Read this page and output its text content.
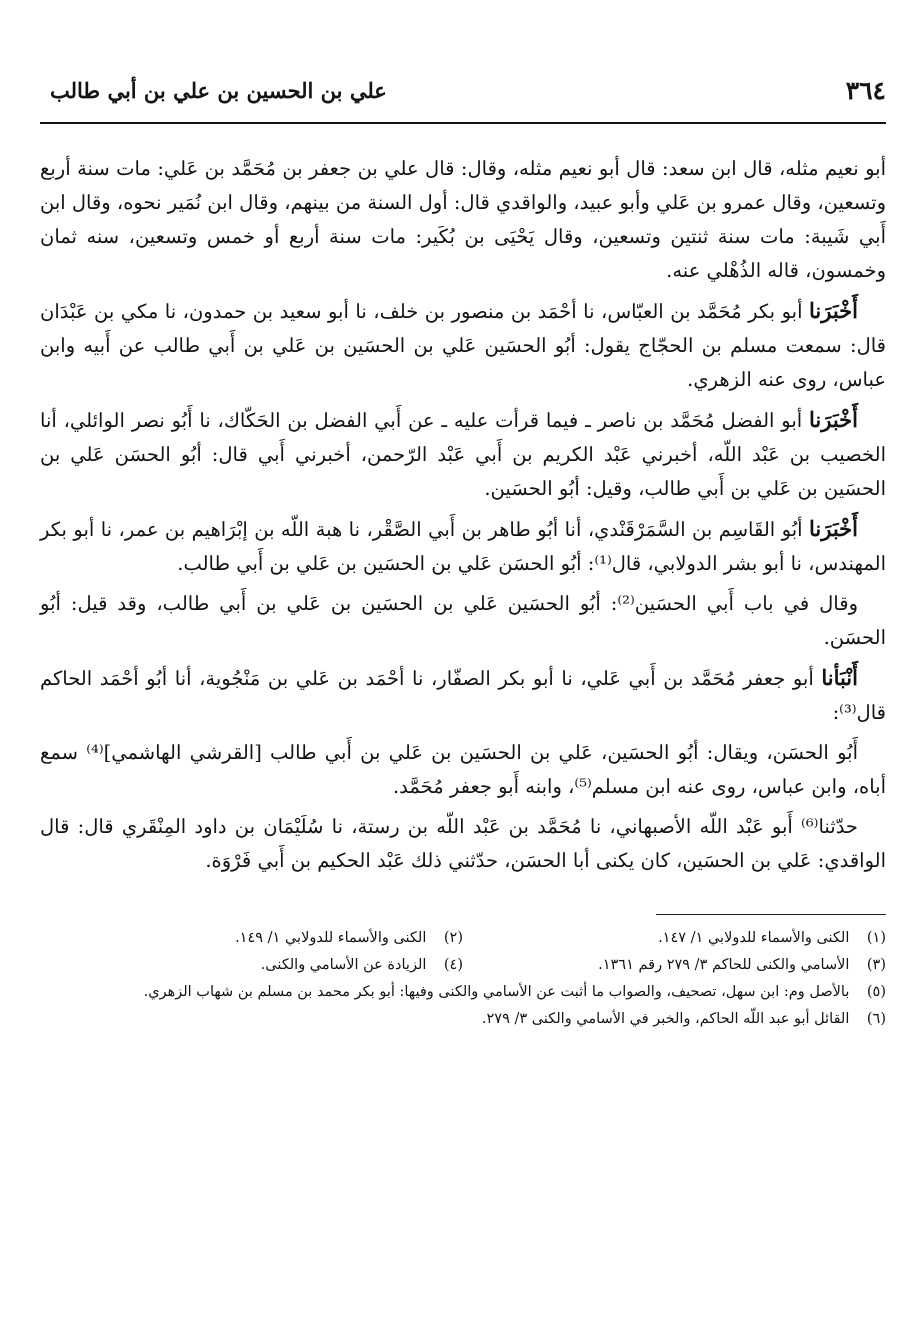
٣٦٤
علي بن الحسين بن علي بن أبي طالب

أبو نعيم مثله، قال ابن سعد: قال أبو نعيم مثله، وقال: قال علي بن جعفر بن مُحَمَّد بن عَلي: مات سنة أربع وتسعين، وقال عمرو بن عَلي وأبو عبيد، والواقدي قال: أول السنة من بينهم، وقال ابن نُمَير نحوه، وقال ابن أَبي شَيبة: مات سنة ثنتين وتسعين، وقال يَحْيَى بن بُكَير: مات سنة أربع أو خمس وتسعين، سنه ثمان وخمسون، قاله الذُهْلي عنه.

أَخْبَرَنا أبو بكر مُحَمَّد بن العبّاس، نا أحْمَد بن منصور بن خلف، نا أبو سعيد بن حمدون، نا مكي بن عَبْدَان قال: سمعت مسلم بن الحجّاج يقول: أبُو الحسَين عَلي بن الحسَين بن عَلي بن أَبي طالب عن أَبيه وابن عباس، روى عنه الزهري.

أَخْبَرَنا أبو الفضل مُحَمَّد بن ناصر ـ فيما قرأت عليه ـ عن أَبي الفضل بن الحَكّاك، نا أَبُو نصر الوائلي، أنا الخصيب بن عَبْد اللّه، أخبرني عَبْد الكريم بن أَبي عَبْد الرّحمن، أخبرني أَبي قال: أبُو الحسَن عَلي بن الحسَين بن عَلي بن أَبي طالب، وقيل: أبُو الحسَين.

أَخْبَرَنا أبُو القَاسِم بن السَّمَرْقَنْدي، أنا أبُو طاهر بن أَبي الصَّقْر، نا هبة اللّه بن إبْرَاهيم بن عمر، نا أبو بكر المهندس، نا أبو بشر الدولابي، قال⁽¹⁾: أبُو الحسَن عَلي بن الحسَين بن عَلي بن أَبي طالب.

وقال في باب أَبي الحسَين⁽²⁾: أبُو الحسَين عَلي بن الحسَين بن عَلي بن أَبي طالب، وقد قيل: أبُو الحسَن.

أَنْبَأنا أبو جعفر مُحَمَّد بن أَبي عَلي، نا أبو بكر الصفّار، نا أحْمَد بن عَلي بن مَنْجُوية، أنا أبُو أحْمَد الحاكم قال⁽³⁾:

أَبُو الحسَن، ويقال: أبُو الحسَين، عَلي بن الحسَين بن عَلي بن أَبي طالب [القرشي الهاشمي]⁽⁴⁾ سمع أباه، وابن عباس، روى عنه ابن مسلم⁽⁵⁾، وابنه أَبو جعفر مُحَمَّد.

حدّثنا⁽⁶⁾ أَبو عَبْد اللّه الأصبهاني، نا مُحَمَّد بن عَبْد اللّه بن رستة، نا سُلَيْمَان بن داود المِنْقَري قال: قال الواقدي: عَلي بن الحسَين، كان يكنى أبا الحسَن، حدّثني ذلك عَبْد الحكيم بن أَبي فَرْوَة.

(١) الكنى والأسماء للدولابي ١/ ١٤٧.
(٢) الكنى والأسماء للدولابي ١/ ١٤٩.
(٣) الأسامي والكنى للحاكم ٣/ ٢٧٩ رقم ١٣٦١.
(٤) الزيادة عن الأسامي والكنى.
(٥) بالأصل وم: ابن سهل، تصحيف، والصواب ما أثبت عن الأسامي والكنى وفيها: أبو بكر محمد بن مسلم بن شهاب الزهري.
(٦) القائل أبو عبد اللّه الحاكم، والخبر في الأسامي والكنى ٣/ ٢٧٩.
